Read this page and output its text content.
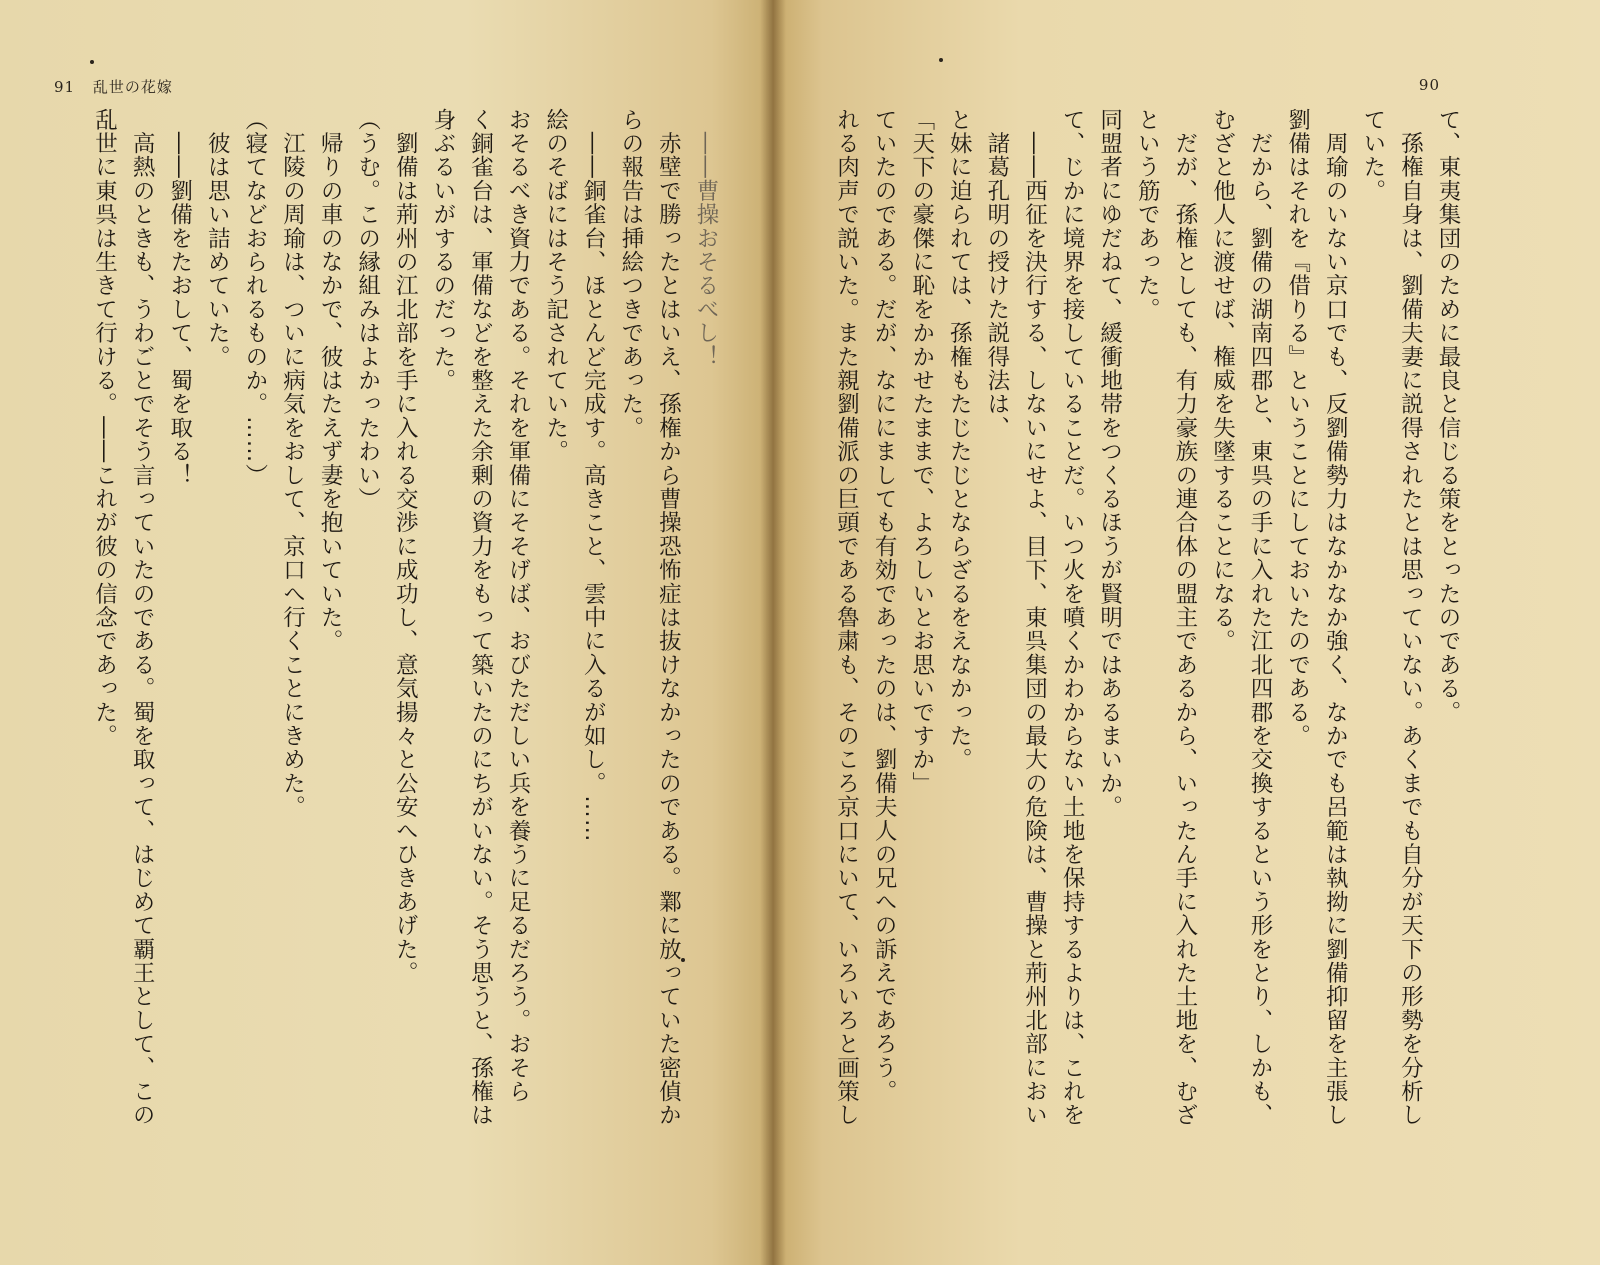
91 乱世の花嫁	90
　――曹操おそるべし！
　赤壁で勝ったとはいえ、孫権から曹操恐怖症は抜けなかったのである。鄴に放っていた密偵か
らの報告は挿絵つきであった。
　――銅雀台、ほとんど完成す。高きこと、雲中に入るが如し。……
絵のそばにはそう記されていた。
おそるべき資力である。それを軍備にそそげば、おびただしい兵を養うに足るだろう。おそら
く銅雀台は、軍備などを整えた余剰の資力をもって築いたのにちがいない。そう思うと、孫権は
身ぶるいがするのだった。
　劉備は荊州の江北部を手に入れる交渉に成功し、意気揚々と公安へひきあげた。
（うむ。この縁組みはよかったわい）
　帰りの車のなかで、彼はたえず妻を抱いていた。
　江陵の周瑜は、ついに病気をおして、京口へ行くことにきめた。
（寝てなどおられるものか。……）
　彼は思い詰めていた。
　――劉備をたおして、蜀を取る！
　高熱のときも、うわごとでそう言っていたのである。蜀を取って、はじめて覇王として、この
乱世に東呉は生きて行ける。――これが彼の信念であった。	て、東夷集団のために最良と信じる策をとったのである。
　孫権自身は、劉備夫妻に説得されたとは思っていない。あくまでも自分が天下の形勢を分析し
ていた。
　周瑜のいない京口でも、反劉備勢力はなかなか強く、なかでも呂範は執拗に劉備抑留を主張し
劉備はそれを『借りる』ということにしておいたのである。
　だから、劉備の湖南四郡と、東呉の手に入れた江北四郡を交換するという形をとり、しかも、
むざと他人に渡せば、権威を失墜することになる。
　だが、孫権としても、有力豪族の連合体の盟主であるから、いったん手に入れた土地を、むざ
という筋であった。
同盟者にゆだねて、緩衝地帯をつくるほうが賢明ではあるまいか。
て、じかに境界を接していることだ。いつ火を噴くかわからない土地を保持するよりは、これを
　――西征を決行する、しないにせよ、目下、東呉集団の最大の危険は、曹操と荊州北部におい
　諸葛孔明の授けた説得法は、
と妹に迫られては、孫権もたじたじとならざるをえなかった。
「天下の豪傑に恥をかかせたままで、よろしいとお思いですか」
ていたのである。だが、なににましても有効であったのは、劉備夫人の兄への訴えであろう。
れる肉声で説いた。また親劉備派の巨頭である魯粛も、そのころ京口にいて、いろいろと画策し
